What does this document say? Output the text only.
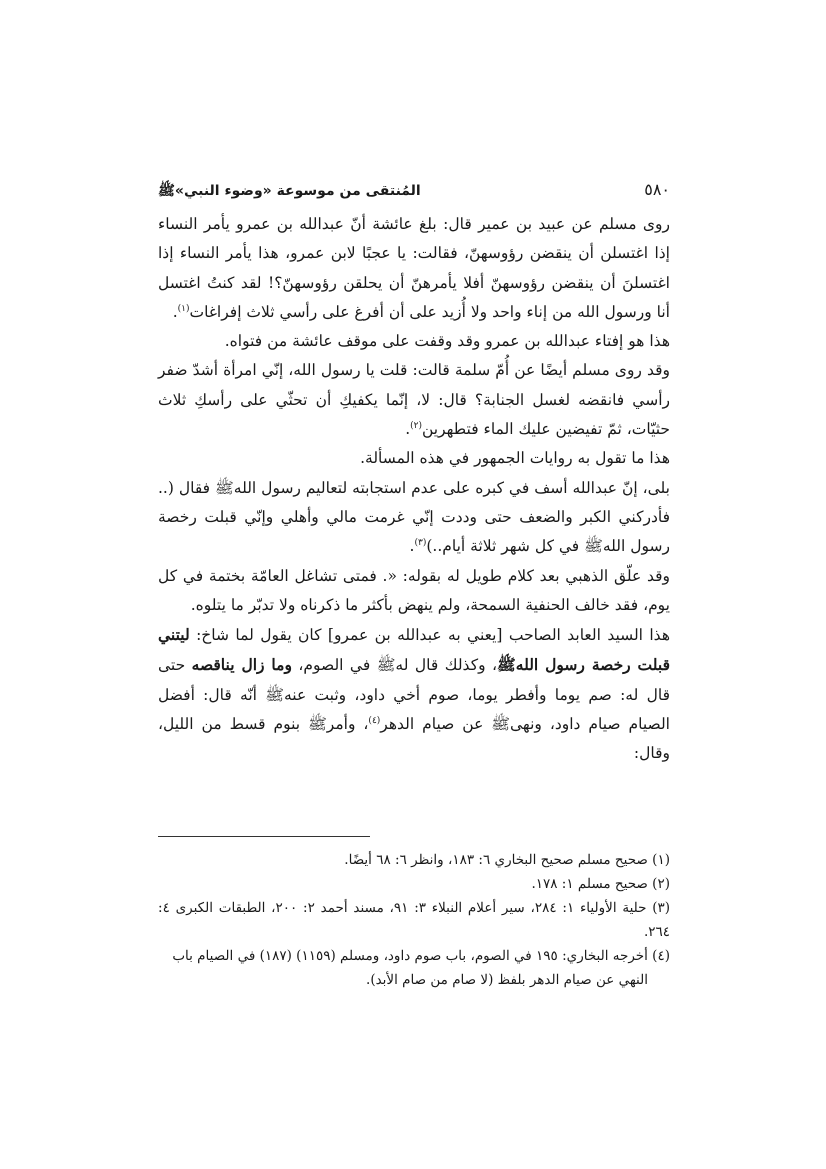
٥٨٠
المُنتقى من موسوعة «وضوء النبي»ﷺ

روى مسلم عن عبيد بن عمير قال: بلغ عائشة أنّ عبدالله بن عمرو يأمر النساء إذا اغتسلن أن ينقضن رؤوسهنّ، فقالت: يا عجبًا لابن عمرو، هذا يأمر النساء إذا اغتسلنَ أن ينقضن رؤوسهنّ أفلا يأمرهنّ أن يحلقن رؤوسهنّ؟! لقد كنتُ اغتسل أنا ورسول الله من إناء واحد ولا أُزيد على أن أفرغ على رأسي ثلاث إفراغات$^{(١)}$.

هذا هو إفتاء عبدالله بن عمرو وقد وقفت على موقف عائشة من فتواه.

وقد روى مسلم أيضًا عن أُمّ سلمة قالت: قلت يا رسول الله، إنّي امرأة أشدّ ضفر رأسي فانقضه لغسل الجنابة؟ قال: لا، إنّما يكفيكِ أن تحثّي على رأسكِ ثلاث حثيّات، ثمّ تفيضين عليك الماء فتطهرين$^{(٢)}$.

هذا ما تقول به روايات الجمهور في هذه المسألة.

بلى، إنّ عبدالله أسف في كبره على عدم استجابته لتعاليم رسول اللهﷺ فقال (.. فأدركني الكبر والضعف حتى وددت إنّي غرمت مالي وأهلي وإنّي قبلت رخصة رسول اللهﷺ في كل شهر ثلاثة أيام..)$^{(٣)}$.

وقد علّق الذهبي بعد كلام طويل له بقوله: «. فمتى تشاغل العامّة بختمة في كل يوم، فقد خالف الحنفية السمحة، ولم ينهض بأكثر ما ذكرناه ولا تدبّر ما يتلوه.

هذا السيد العابد الصاحب [يعني به عبدالله بن عمرو] كان يقول لما شاخ: ليتني قبلت رخصة رسول اللهﷺ، وكذلك قال لهﷺ في الصوم، وما زال يناقصه حتى قال له: صم يوما وأفطر يوما، صوم أخي داود، وثبت عنهﷺ أنّه قال: أفضل الصيام صيام داود، ونهىﷺ عن صيام الدهر$^{(٤)}$، وأمرﷺ بنوم قسط من الليل، وقال:

(١) صحيح مسلم صحيح البخاري ٦: ١٨٣، وانظر ٦: ٦٨ أيضًا.
(٢) صحيح مسلم ١: ١٧٨.
(٣) حلية الأولياء ١: ٢٨٤، سير أعلام النبلاء ٣: ٩١، مسند أحمد ٢: ٢٠٠، الطبقات الكبرى ٤: ٢٦٤.
(٤) أخرجه البخاري: ١٩٥ في الصوم، باب صوم داود، ومسلم (١١٥٩) (١٨٧) في الصيام باب
النهي عن صيام الدهر بلفظ (لا صام من صام الأبد).
